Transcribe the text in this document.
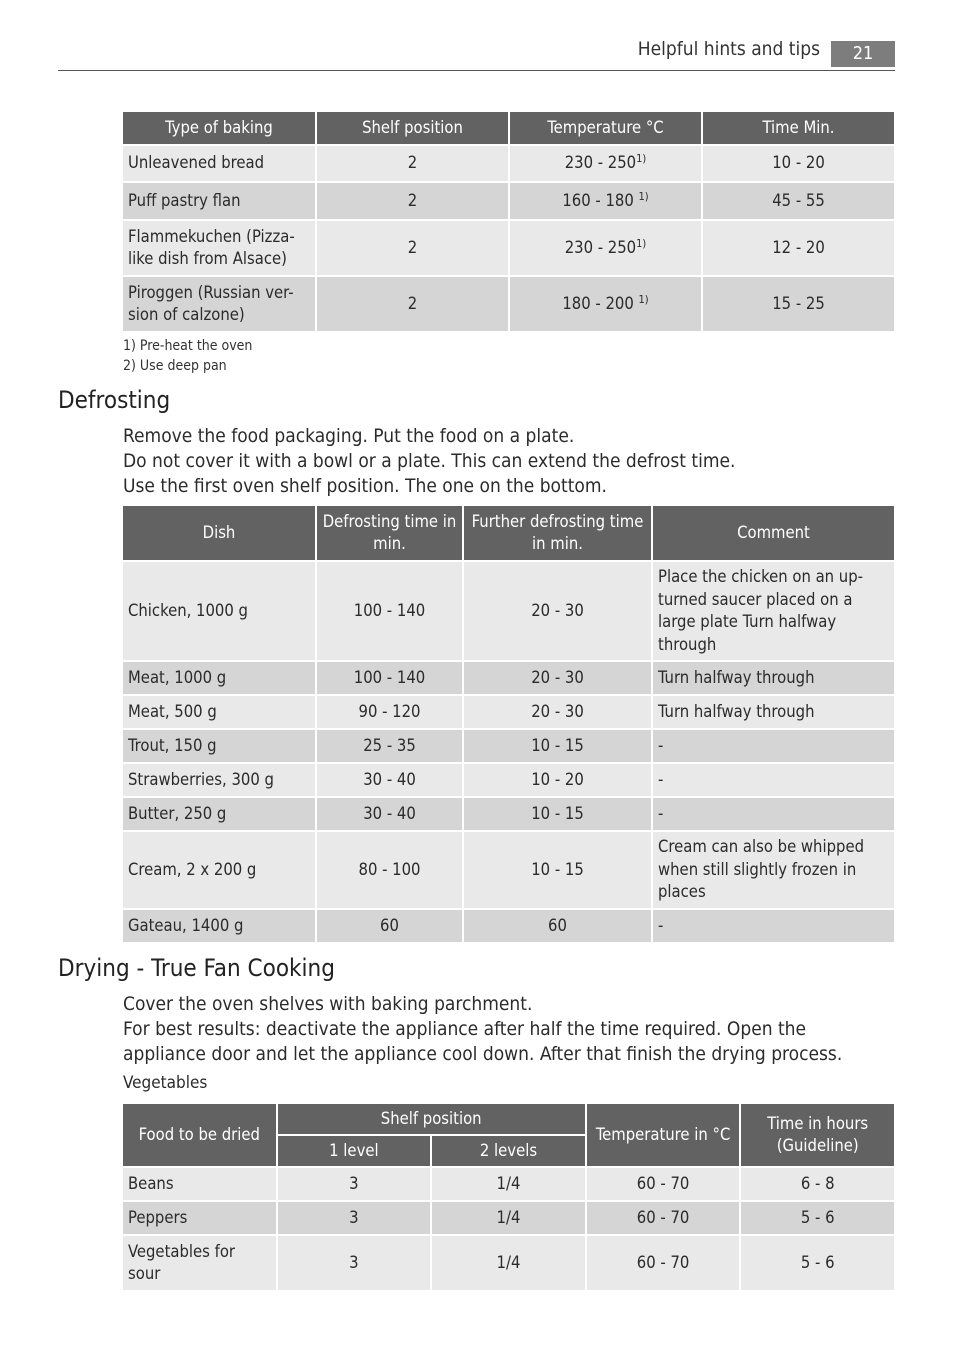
Helpful hints and tips	21
Type of baking	Shelf position	Temperature °C	Time Min.
Unleavened bread	2	230 - 250$^{1)}$	10 - 20
Puff pastry flan	2	160 - 180 $^{1)}$	45 - 55
Flammekuchen (Pizza-like dish from Alsace)	2	230 - 250$^{1)}$	12 - 20
Piroggen (Russian ver-sion of calzone)	2	180 - 200 $^{1)}$	15 - 25
1) Pre-heat the oven
2) Use deep pan
Defrosting

Remove the food packaging. Put the food on a plate.

Do not cover it with a bowl or a plate. This can extend the defrost time.

Use the first oven shelf position. The one on the bottom.

Dish	Defrosting time in min.	Further defrosting time in min.	Comment
Chicken, 1000 g	100 - 140	20 - 30	Place the chicken on an up-turned saucer placed on a large plate Turn halfway through
Meat, 1000 g	100 - 140	20 - 30	Turn halfway through
Meat, 500 g	90 - 120	20 - 30	Turn halfway through
Trout, 150 g	25 - 35	10 - 15	-
Strawberries, 300 g	30 - 40	10 - 20	-
Butter, 250 g	30 - 40	10 - 15	-
Cream, 2 x 200 g	80 - 100	10 - 15	Cream can also be whipped when still slightly frozen in places
Gateau, 1400 g	60	60	-
Drying - True Fan Cooking

Cover the oven shelves with baking parchment.

For best results: deactivate the appliance after half the time required. Open the appliance door and let the appliance cool down. After that finish the drying process.

Vegetables
Food to be dried	Shelf position		Temperature in °C	Time in hours (Guideline)
	1 level	2 levels		
Beans	3	1/4	60 - 70	6 - 8
Peppers	3	1/4	60 - 70	5 - 6
Vegetables for sour	3	1/4	60 - 70	5 - 6
